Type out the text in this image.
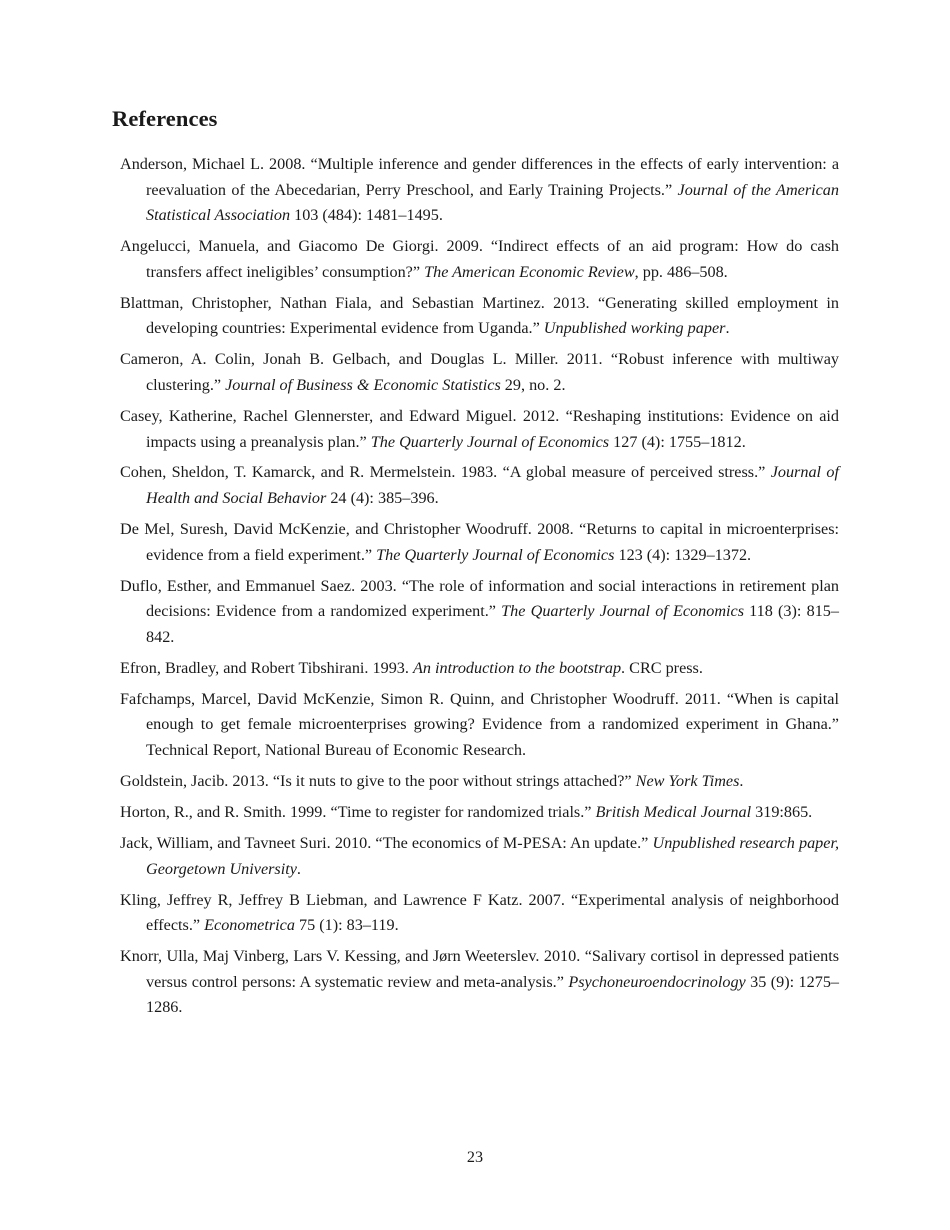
References
Anderson, Michael L. 2008. “Multiple inference and gender differences in the effects of early intervention: a reevaluation of the Abecedarian, Perry Preschool, and Early Training Projects.” Journal of the American Statistical Association 103 (484): 1481–1495.
Angelucci, Manuela, and Giacomo De Giorgi. 2009. “Indirect effects of an aid program: How do cash transfers affect ineligibles’ consumption?” The American Economic Review, pp. 486–508.
Blattman, Christopher, Nathan Fiala, and Sebastian Martinez. 2013. “Generating skilled employment in developing countries: Experimental evidence from Uganda.” Unpublished working paper.
Cameron, A. Colin, Jonah B. Gelbach, and Douglas L. Miller. 2011. “Robust inference with multiway clustering.” Journal of Business & Economic Statistics 29, no. 2.
Casey, Katherine, Rachel Glennerster, and Edward Miguel. 2012. “Reshaping institutions: Evidence on aid impacts using a preanalysis plan.” The Quarterly Journal of Economics 127 (4): 1755–1812.
Cohen, Sheldon, T. Kamarck, and R. Mermelstein. 1983. “A global measure of perceived stress.” Journal of Health and Social Behavior 24 (4): 385–396.
De Mel, Suresh, David McKenzie, and Christopher Woodruff. 2008. “Returns to capital in microenterprises: evidence from a field experiment.” The Quarterly Journal of Economics 123 (4): 1329–1372.
Duflo, Esther, and Emmanuel Saez. 2003. “The role of information and social interactions in retirement plan decisions: Evidence from a randomized experiment.” The Quarterly Journal of Economics 118 (3): 815–842.
Efron, Bradley, and Robert Tibshirani. 1993. An introduction to the bootstrap. CRC press.
Fafchamps, Marcel, David McKenzie, Simon R. Quinn, and Christopher Woodruff. 2011. “When is capital enough to get female microenterprises growing? Evidence from a randomized experiment in Ghana.” Technical Report, National Bureau of Economic Research.
Goldstein, Jacib. 2013. “Is it nuts to give to the poor without strings attached?” New York Times.
Horton, R., and R. Smith. 1999. “Time to register for randomized trials.” British Medical Journal 319:865.
Jack, William, and Tavneet Suri. 2010. “The economics of M-PESA: An update.” Unpublished research paper, Georgetown University.
Kling, Jeffrey R, Jeffrey B Liebman, and Lawrence F Katz. 2007. “Experimental analysis of neighborhood effects.” Econometrica 75 (1): 83–119.
Knorr, Ulla, Maj Vinberg, Lars V. Kessing, and Jørn Weeterslev. 2010. “Salivary cortisol in depressed patients versus control persons: A systematic review and meta-analysis.” Psychoneuroendocrinology 35 (9): 1275–1286.
23
